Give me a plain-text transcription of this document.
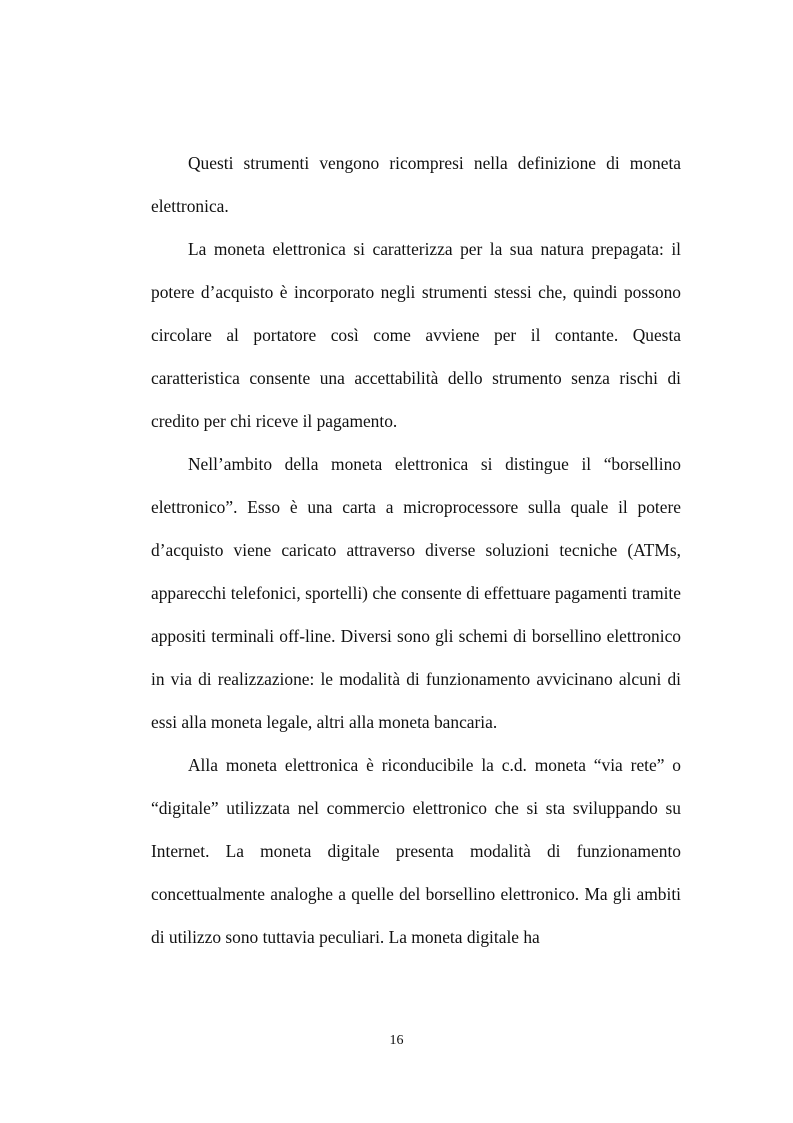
Questi strumenti vengono ricompresi nella definizione di moneta elettronica.

La moneta elettronica si caratterizza per la sua natura prepagata: il potere d’acquisto è incorporato negli strumenti stessi che, quindi possono circolare al portatore così come avviene per il contante. Questa caratteristica consente una accettabilità dello strumento senza rischi di credito per chi riceve il pagamento.

Nell’ambito della moneta elettronica si distingue il “borsellino elettronico”. Esso è una carta a microprocessore sulla quale il potere d’acquisto viene caricato attraverso diverse soluzioni tecniche (ATMs, apparecchi telefonici, sportelli) che consente di effettuare pagamenti tramite appositi terminali off-line. Diversi sono gli schemi di borsellino elettronico in via di realizzazione: le modalità di funzionamento avvicinano alcuni di essi alla moneta legale, altri alla moneta bancaria.

Alla moneta elettronica è riconducibile la c.d. moneta “via rete” o “digitale” utilizzata nel commercio elettronico che si sta sviluppando su Internet. La moneta digitale presenta modalità di funzionamento concettualmente analoghe a quelle del borsellino elettronico. Ma gli ambiti di utilizzo sono tuttavia peculiari. La moneta digitale ha

16
